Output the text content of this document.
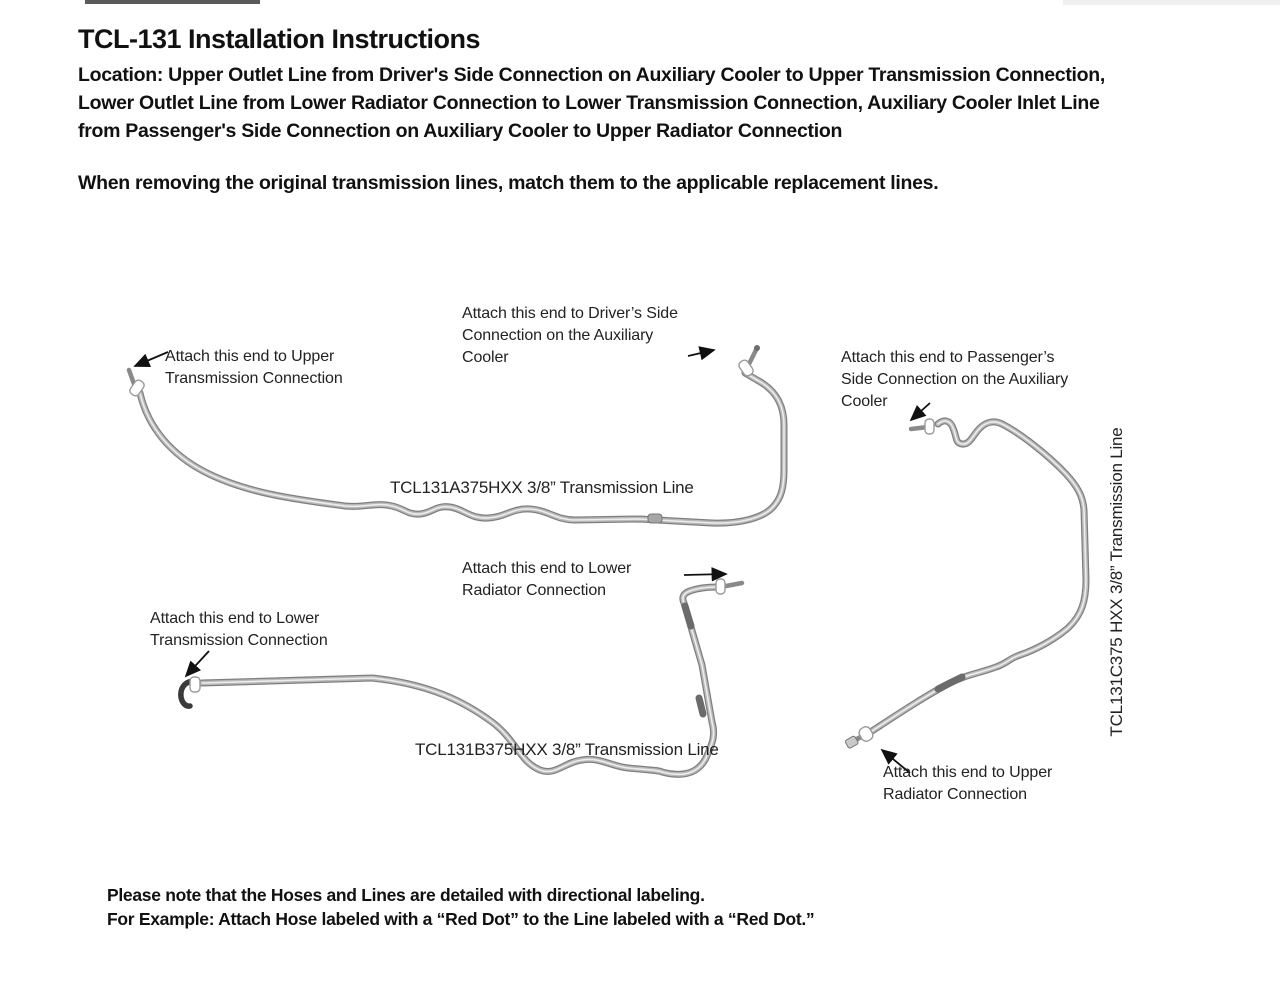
TCL-131 Installation Instructions
Location: Upper Outlet Line from Driver's Side Connection on Auxiliary Cooler to Upper Transmission Connection,
Lower Outlet Line from Lower Radiator Connection to Lower Transmission Connection, Auxiliary Cooler Inlet Line
from Passenger's Side Connection on Auxiliary Cooler to Upper Radiator Connection
When removing the original transmission lines, match them to the applicable replacement lines.
Attach this end to Upper
Transmission Connection
Attach this end to Driver’s Side
Connection on the Auxiliary
Cooler	Attach this end to Passenger’s
Side Connection on the Auxiliary
Cooler
TCL131A375HXX 3/8” Transmission Line
Attach this end to Lower
Radiator Connection
Attach this end to Lower
Transmission Connection
TCL131B375HXX 3/8” Transmission Line
TCL131C375 HXX 3/8” Transmission Line
Attach this end to Upper
Radiator Connection
Please note that the Hoses and Lines are detailed with directional labeling.
For Example: Attach Hose labeled with a “Red Dot” to the Line labeled with a “Red Dot.”
